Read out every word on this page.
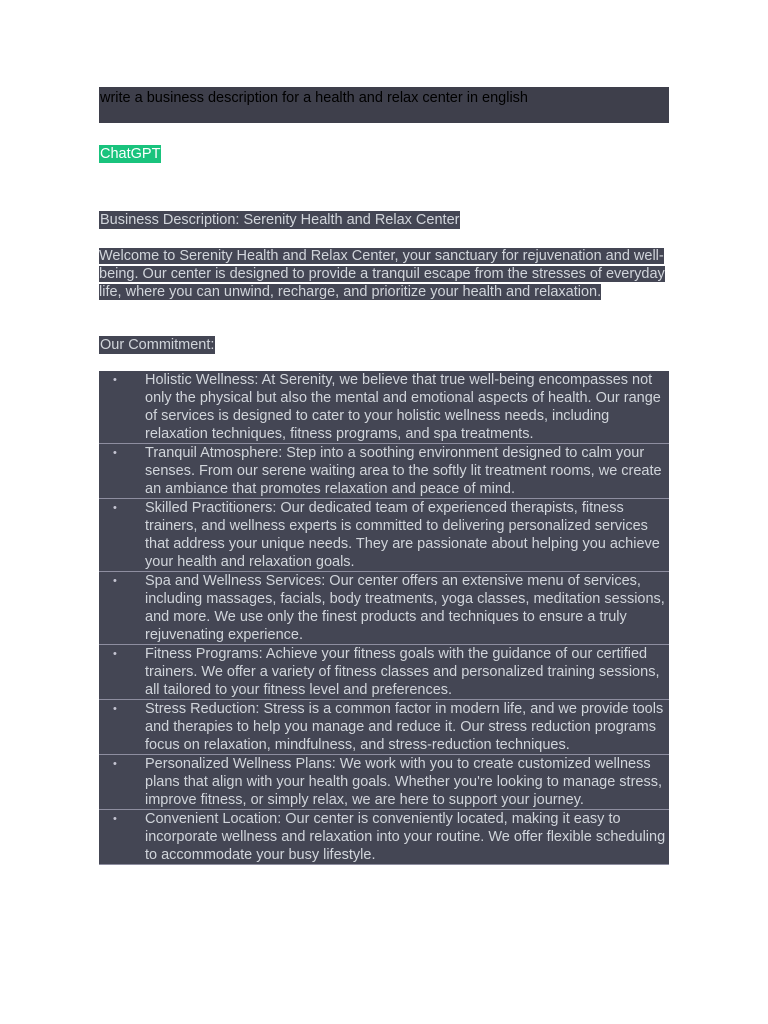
write a business description for a health and relax center in english
ChatGPT
Business Description: Serenity Health and Relax Center

Welcome to Serenity Health and Relax Center, your sanctuary for rejuvenation and well-being. Our center is designed to provide a tranquil escape from the stresses of everyday life, where you can unwind, recharge, and prioritize your health and relaxation.

Our Commitment:
• Holistic Wellness: At Serenity, we believe that true well-being encompasses not only the physical but also the mental and emotional aspects of health. Our range of services is designed to cater to your holistic wellness needs, including relaxation techniques, fitness programs, and spa treatments.
• Tranquil Atmosphere: Step into a soothing environment designed to calm your senses. From our serene waiting area to the softly lit treatment rooms, we create an ambiance that promotes relaxation and peace of mind.
• Skilled Practitioners: Our dedicated team of experienced therapists, fitness trainers, and wellness experts is committed to delivering personalized services that address your unique needs. They are passionate about helping you achieve your health and relaxation goals.
• Spa and Wellness Services: Our center offers an extensive menu of services, including massages, facials, body treatments, yoga classes, meditation sessions, and more. We use only the finest products and techniques to ensure a truly rejuvenating experience.
• Fitness Programs: Achieve your fitness goals with the guidance of our certified trainers. We offer a variety of fitness classes and personalized training sessions, all tailored to your fitness level and preferences.
• Stress Reduction: Stress is a common factor in modern life, and we provide tools and therapies to help you manage and reduce it. Our stress reduction programs focus on relaxation, mindfulness, and stress-reduction techniques.
• Personalized Wellness Plans: We work with you to create customized wellness plans that align with your health goals. Whether you're looking to manage stress, improve fitness, or simply relax, we are here to support your journey.
• Convenient Location: Our center is conveniently located, making it easy to incorporate wellness and relaxation into your routine. We offer flexible scheduling to accommodate your busy lifestyle.
